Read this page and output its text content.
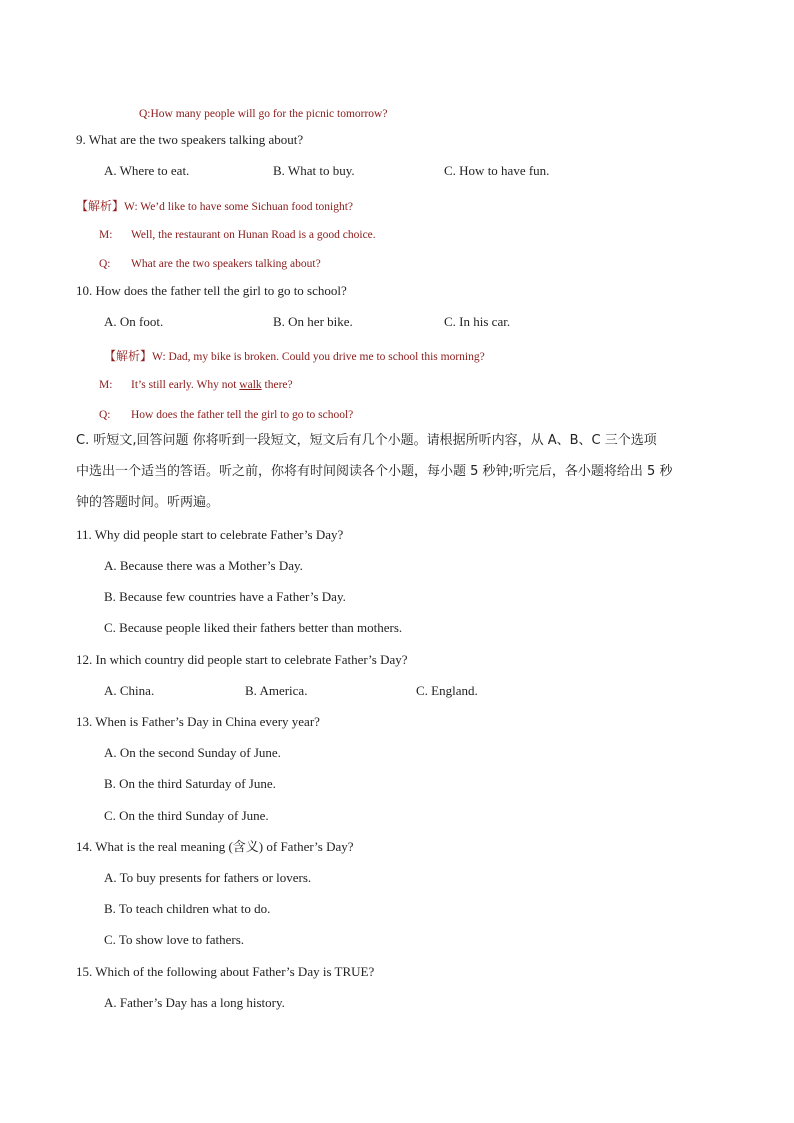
Q:How many people will go for the picnic tomorrow?
9. What are the two speakers talking about?
A. Where to eat.	B. What to buy.	C. How to have fun.
【解析】W: We’d like to have some Sichuan food tonight?
M: Well, the restaurant on Hunan Road is a good choice.
Q: What are the two speakers talking about?
10. How does the father tell the girl to go to school?
A. On foot.	B. On her bike.	C. In his car.
【解析】W: Dad, my bike is broken. Could you drive me to school this morning?
M: It’s still early. Why not walk there?
Q: How does the father tell the girl to go to school?
C. 听短文,回答问题 你将听到一段短文，短文后有几个小题。请根据所听内容，从 A、B、C 三个选项
中选出一个适当的答语。听之前，你将有时间阅读各个小题，每小题 5 秒钟;听完后，各小题将给出 5 秒
钟的答题时间。听两遍。
11. Why did people start to celebrate Father’s Day?
A. Because there was a Mother’s Day.
B. Because few countries have a Father’s Day.
C. Because people liked their fathers better than mothers.
12. In which country did people start to celebrate Father’s Day?
A. China.	B. America.	C. England.
13. When is Father’s Day in China every year?
A. On the second Sunday of June.
B. On the third Saturday of June.
C. On the third Sunday of June.
14. What is the real meaning (含义) of Father’s Day?
A. To buy presents for fathers or lovers.
B. To teach children what to do.
C. To show love to fathers.
15. Which of the following about Father’s Day is TRUE?
A. Father’s Day has a long history.
